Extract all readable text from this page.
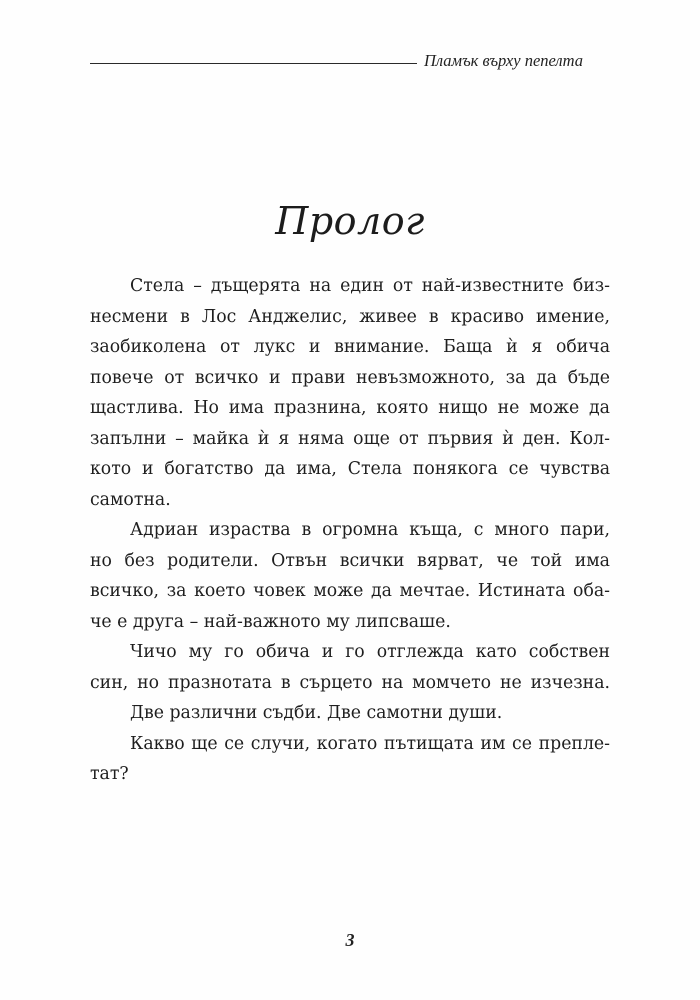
Пламък върху пепелта
Пролог
Стела – дъщерята на един от най-известните биз-
несмени в Лос Анджелис, живее в красиво имение,
заобиколена от лукс и внимание. Баща ѝ я обича
повече от всичко и прави невъзможното, за да бъде
щастлива. Но има празнина, която нищо не може да
запълни – майка ѝ я няма още от първия ѝ ден. Кол-
кото и богатство да има, Стела понякога се чувства
самотна.
Адриан израства в огромна къща, с много пари,
но без родители. Отвън всички вярват, че той има
всичко, за което човек може да мечтае. Истината оба-
че е друга – най-важното му липсваше.
Чичо му го обича и го отглежда като собствен
син, но празнотата в сърцето на момчето не изчезна.
Две различни съдби. Две самотни души.
Какво ще се случи, когато пътищата им се препле-
тат?
3
